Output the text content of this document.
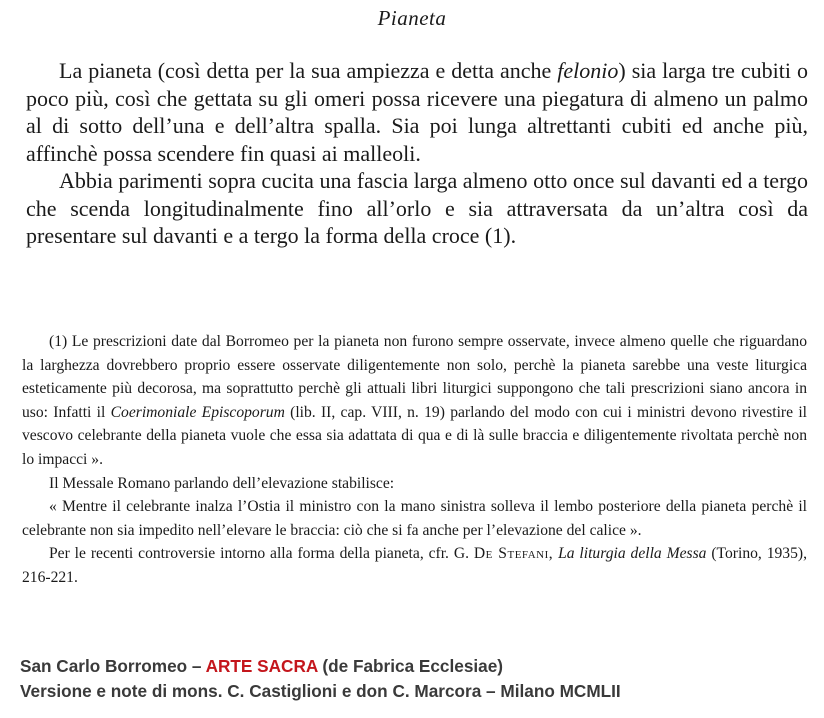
Pianeta

La pianeta (così detta per la sua ampiezza e detta anche felonio) sia larga tre cubiti o poco più, così che gettata su gli omeri possa ricevere una piegatura di almeno un palmo al di sotto dell’una e dell’altra spalla. Sia poi lunga altrettanti cubiti ed anche più, affinchè possa scendere fin quasi ai malleoli.

Abbia parimenti sopra cucita una fascia larga almeno otto once sul davanti ed a tergo che scenda longitudinalmente fino all’orlo e sia attraversata da un’altra così da presentare sul davanti e a tergo la forma della croce (1).

(1) Le prescrizioni date dal Borromeo per la pianeta non furono sempre osservate, invece almeno quelle che riguardano la larghezza dovrebbero proprio essere osservate diligentemente non solo, perchè la pianeta sarebbe una veste liturgica esteticamente più decorosa, ma soprattutto perchè gli attuali libri liturgici suppongono che tali prescrizioni siano ancora in uso: Infatti il Coerimoniale Episcoporum (lib. II, cap. VIII, n. 19) parlando del modo con cui i ministri devono rivestire il vescovo celebrante della pianeta vuole che essa sia adattata di qua e di là sulle braccia e diligentemente rivoltata perchè non lo impacci ».

Il Messale Romano parlando dell’elevazione stabilisce:

« Mentre il celebrante inalza l’Ostia il ministro con la mano sinistra solleva il lembo posteriore della pianeta perchè il celebrante non sia impedito nell’elevare le braccia: ciò che si fa anche per l’elevazione del calice ».

Per le recenti controversie intorno alla forma della pianeta, cfr. G. De Stefani, La liturgia della Messa (Torino, 1935), 216-221.

San Carlo Borromeo – ARTE SACRA (de Fabrica Ecclesiae)
Versione e note di mons. C. Castiglioni e don C. Marcora – Milano MCMLII
